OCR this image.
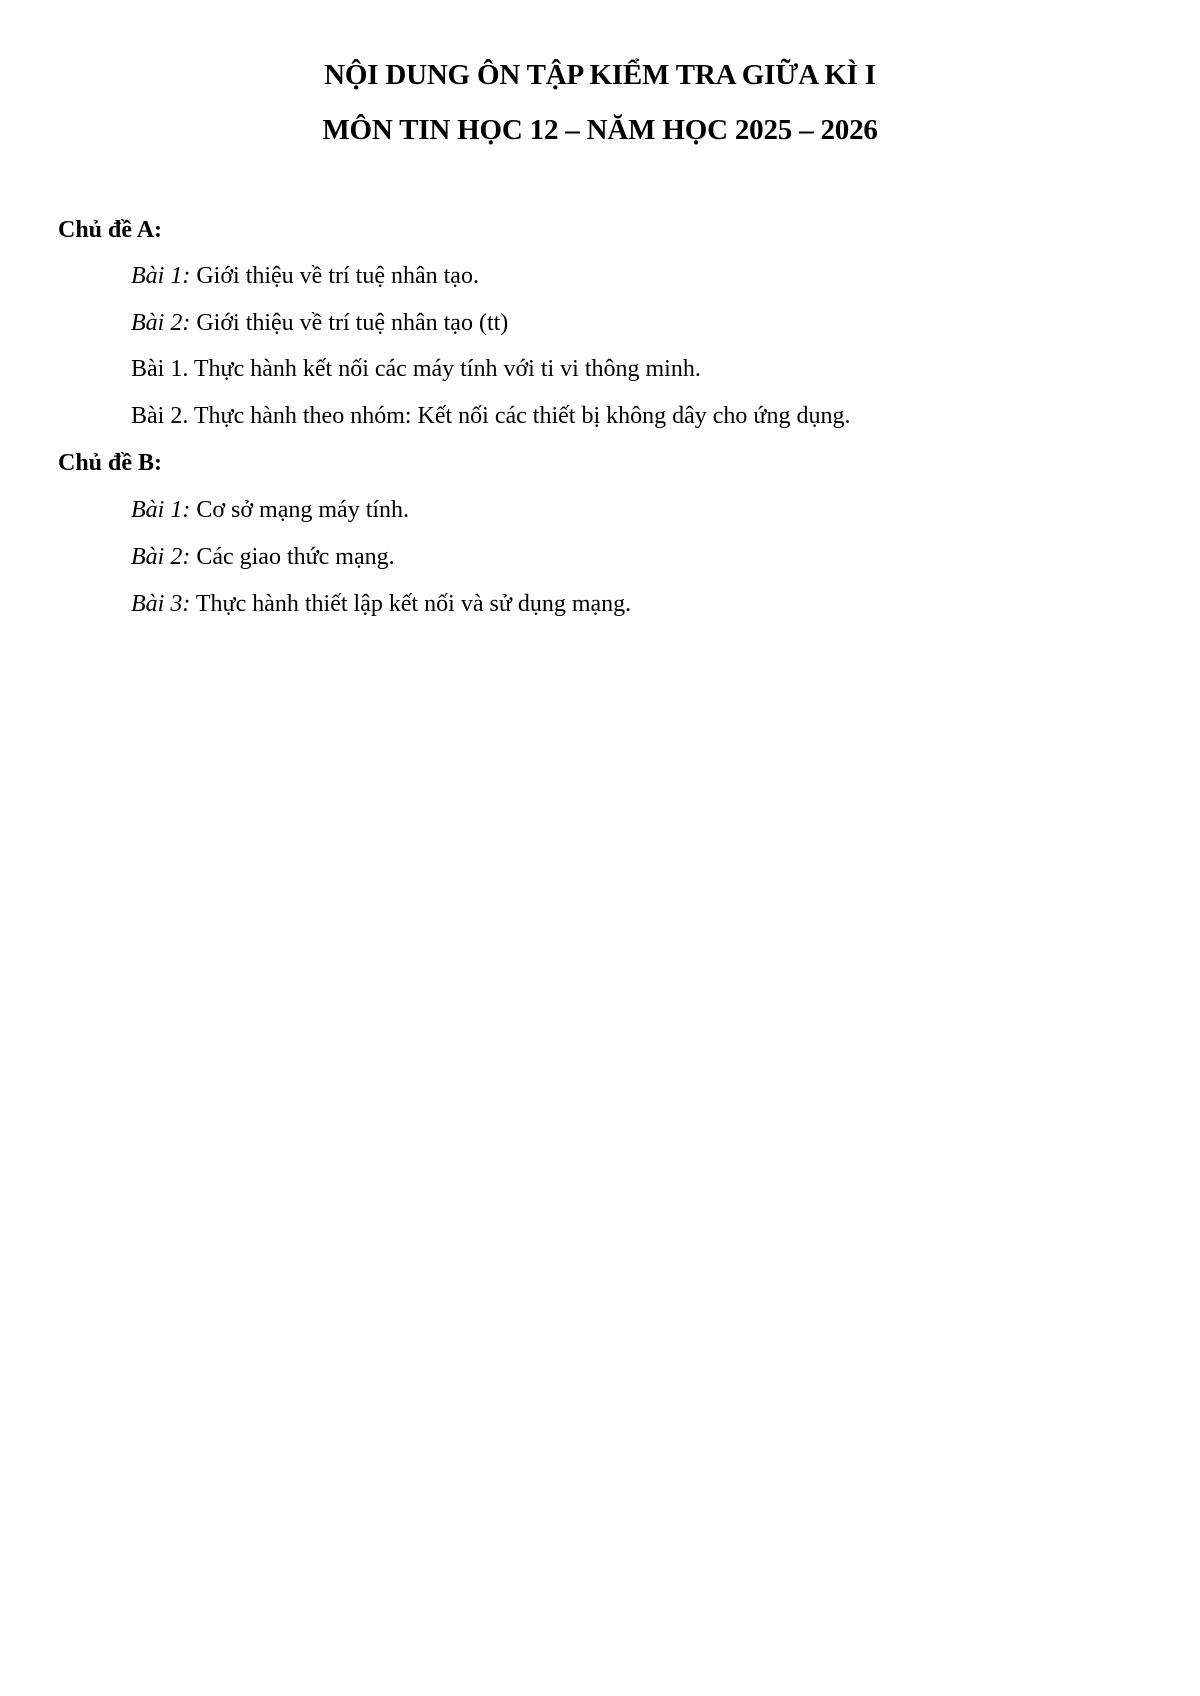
NỘI DUNG ÔN TẬP KIỂM TRA GIỮA KÌ I
MÔN TIN HỌC 12 – NĂM HỌC 2025 – 2026
Chủ đề A:
Bài 1: Giới thiệu về trí tuệ nhân tạo.
Bài 2: Giới thiệu về trí tuệ nhân tạo (tt)
Bài 1. Thực hành kết nối các máy tính với ti vi thông minh.
Bài 2. Thực hành theo nhóm: Kết nối các thiết bị không dây cho ứng dụng.
Chủ đề B:
Bài 1: Cơ sở mạng máy tính.
Bài 2: Các giao thức mạng.
Bài 3: Thực hành thiết lập kết nối và sử dụng mạng.
